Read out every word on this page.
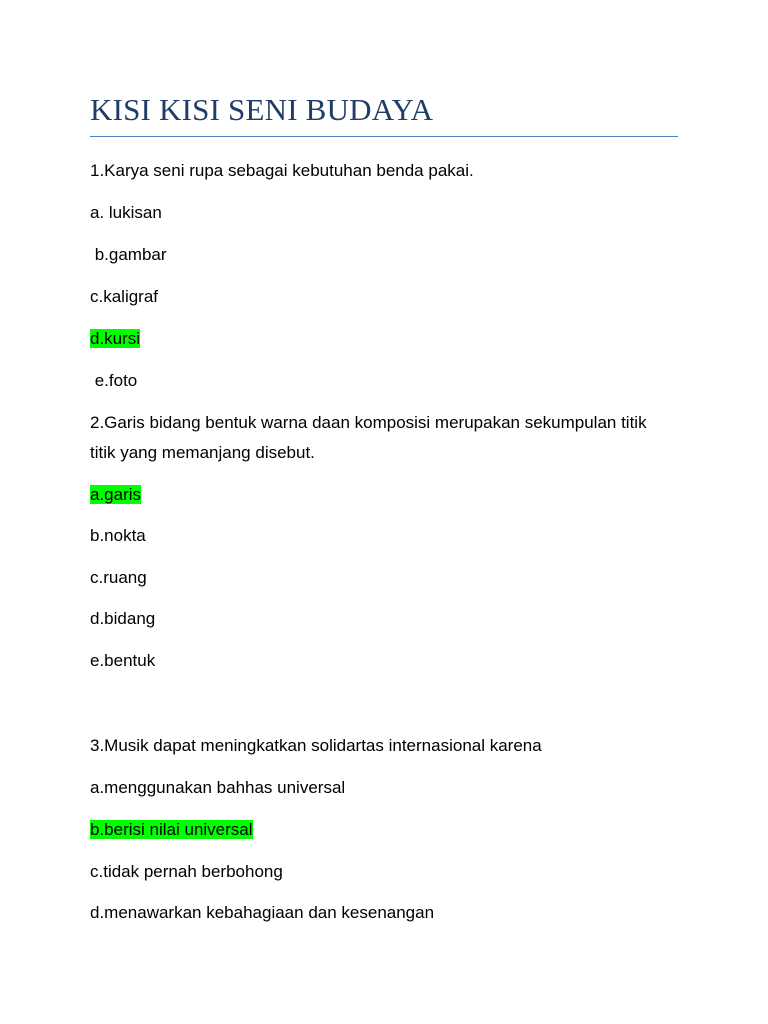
KISI KISI SENI BUDAYA
1.Karya seni rupa sebagai kebutuhan benda pakai.
a. lukisan
b.gambar
c.kaligraf
d.kursi
e.foto
2.Garis bidang bentuk warna daan komposisi merupakan sekumpulan titik titik yang memanjang disebut.
a.garis
b.nokta
c.ruang
d.bidang
e.bentuk
3.Musik dapat meningkatkan solidartas internasional karena
a.menggunakan bahhas universal
b.berisi nilai universal
c.tidak pernah berbohong
d.menawarkan kebahagiaan dan kesenangan
